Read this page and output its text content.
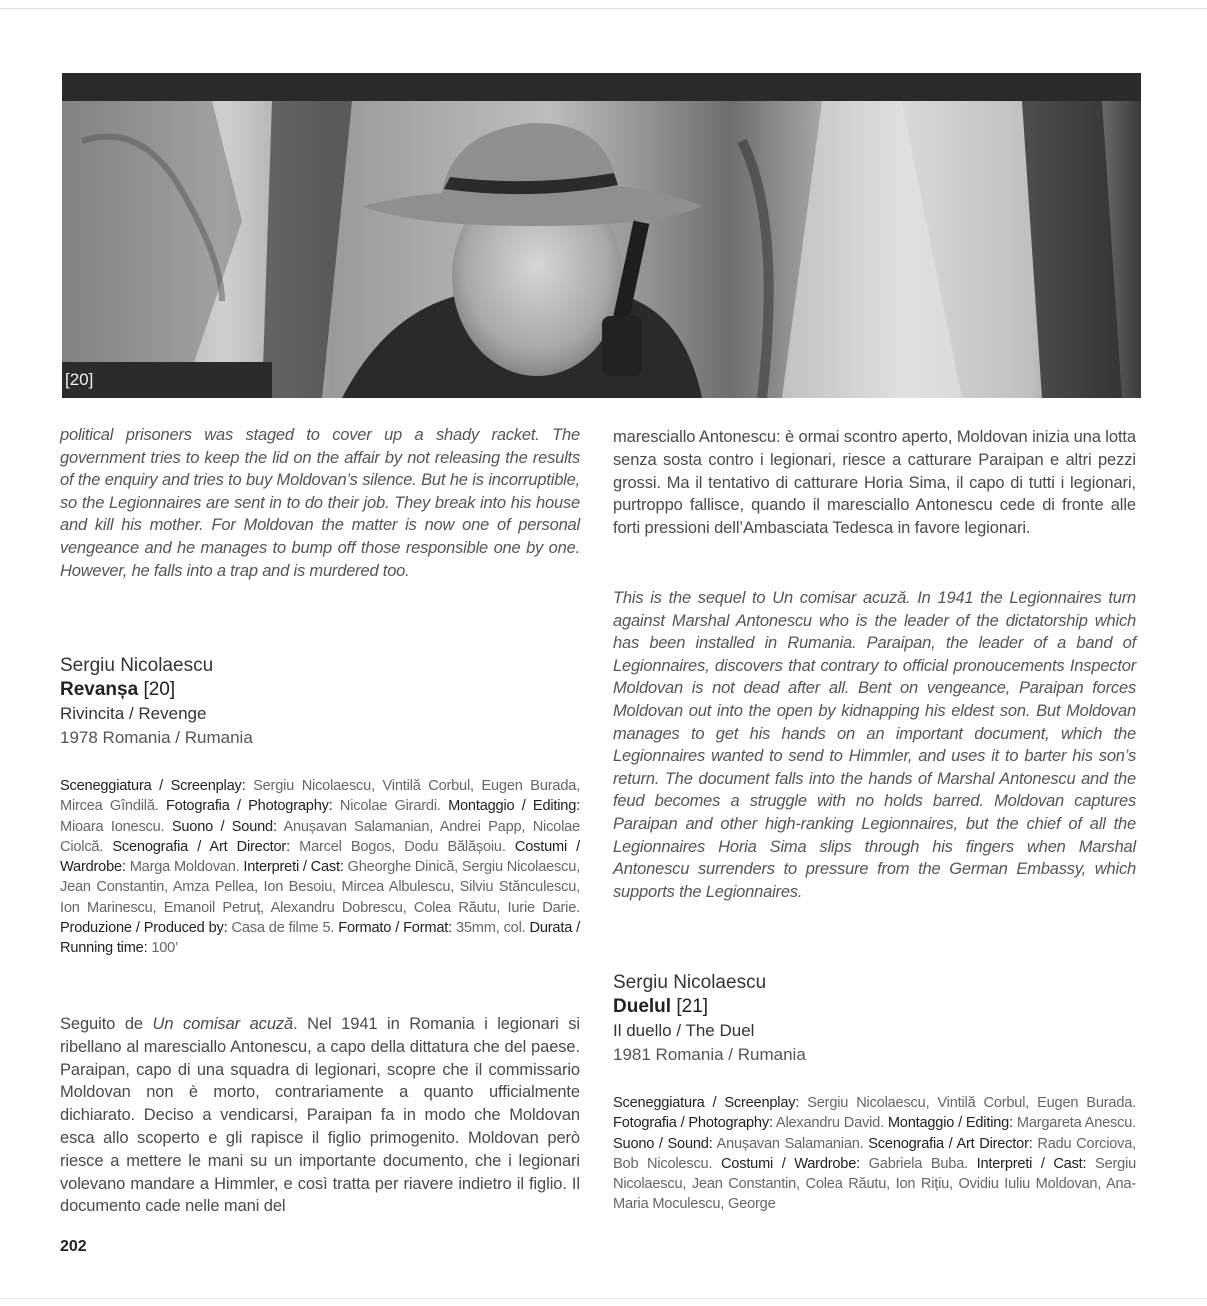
[20]

political prisoners was staged to cover up a shady racket. The government tries to keep the lid on the affair by not releasing the results of the enquiry and tries to buy Moldovan’s silence. But he is incorruptible, so the Legionnaires are sent in to do their job. They break into his house and kill his mother. For Moldovan the matter is now one of personal vengeance and he manages to bump off those responsible one by one. However, he falls into a trap and is murdered too.

Sergiu Nicolaescu

Revanșa [20]

Rivincita / Revenge

1978 Romania / Rumania

Sceneggiatura / Screenplay: Sergiu Nicolaescu, Vintilă Corbul, Eugen Burada, Mircea Gîndilă. Fotografia / Photography: Nicolae Girardi. Montaggio / Editing: Mioara Ionescu. Suono / Sound: Anușavan Salamanian, Andrei Papp, Nicolae Ciolcă. Scenografia / Art Director: Marcel Bogos, Dodu Bălășoiu. Costumi / Wardrobe: Marga Moldovan. Interpreti / Cast: Gheorghe Dinică, Sergiu Nicolaescu, Jean Constantin, Amza Pellea, Ion Besoiu, Mircea Albulescu, Silviu Stănculescu, Ion Marinescu, Emanoil Petruț, Alexandru Dobrescu, Colea Răutu, Iurie Darie. Produzione / Produced by: Casa de filme 5. Formato / Format: 35mm, col. Durata / Running time: 100’

Seguito de Un comisar acuză. Nel 1941 in Romania i legionari si ribellano al maresciallo Antonescu, a capo della dittatura che del paese. Paraipan, capo di una squadra di legionari, scopre che il commissario Moldovan non è morto, contrariamente a quanto ufficialmente dichiarato. Deciso a vendicarsi, Paraipan fa in modo che Moldovan esca allo scoperto e gli rapisce il figlio primogenito. Moldovan però riesce a mettere le mani su un importante documento, che i legionari volevano mandare a Himmler, e così tratta per riavere indietro il figlio. Il documento cade nelle mani del

202

maresciallo Antonescu: è ormai scontro aperto, Moldovan inizia una lotta senza sosta contro i legionari, riesce a catturare Paraipan e altri pezzi grossi. Ma il tentativo di catturare Horia Sima, il capo di tutti i legionari, purtroppo fallisce, quando il maresciallo Antonescu cede di fronte alle forti pressioni dell’Ambasciata Tedesca in favore legionari.

This is the sequel to Un comisar acuză. In 1941 the Legionnaires turn against Marshal Antonescu who is the leader of the dictatorship which has been installed in Rumania. Paraipan, the leader of a band of Legionnaires, discovers that contrary to official pronoucements Inspector Moldovan is not dead after all. Bent on vengeance, Paraipan forces Moldovan out into the open by kidnapping his eldest son. But Moldovan manages to get his hands on an important document, which the Legionnaires wanted to send to Himmler, and uses it to barter his son’s return. The document falls into the hands of Marshal Antonescu and the feud becomes a struggle with no holds barred. Moldovan captures Paraipan and other high-ranking Legionnaires, but the chief of all the Legionnaires Horia Sima slips through his fingers when Marshal Antonescu surrenders to pressure from the German Embassy, which supports the Legionnaires.

Sergiu Nicolaescu

Duelul [21]

Il duello / The Duel

1981 Romania / Rumania

Sceneggiatura / Screenplay: Sergiu Nicolaescu, Vintilă Corbul, Eugen Burada. Fotografia / Photography: Alexandru David. Montaggio / Editing: Margareta Anescu. Suono / Sound: Anușavan Salamanian. Scenografia / Art Director: Radu Corciova, Bob Nicolescu. Costumi / Wardrobe: Gabriela Buba. Interpreti / Cast: Sergiu Nicolaescu, Jean Constantin, Colea Răutu, Ion Rițiu, Ovidiu Iuliu Moldovan, Ana-Maria Moculescu, George
